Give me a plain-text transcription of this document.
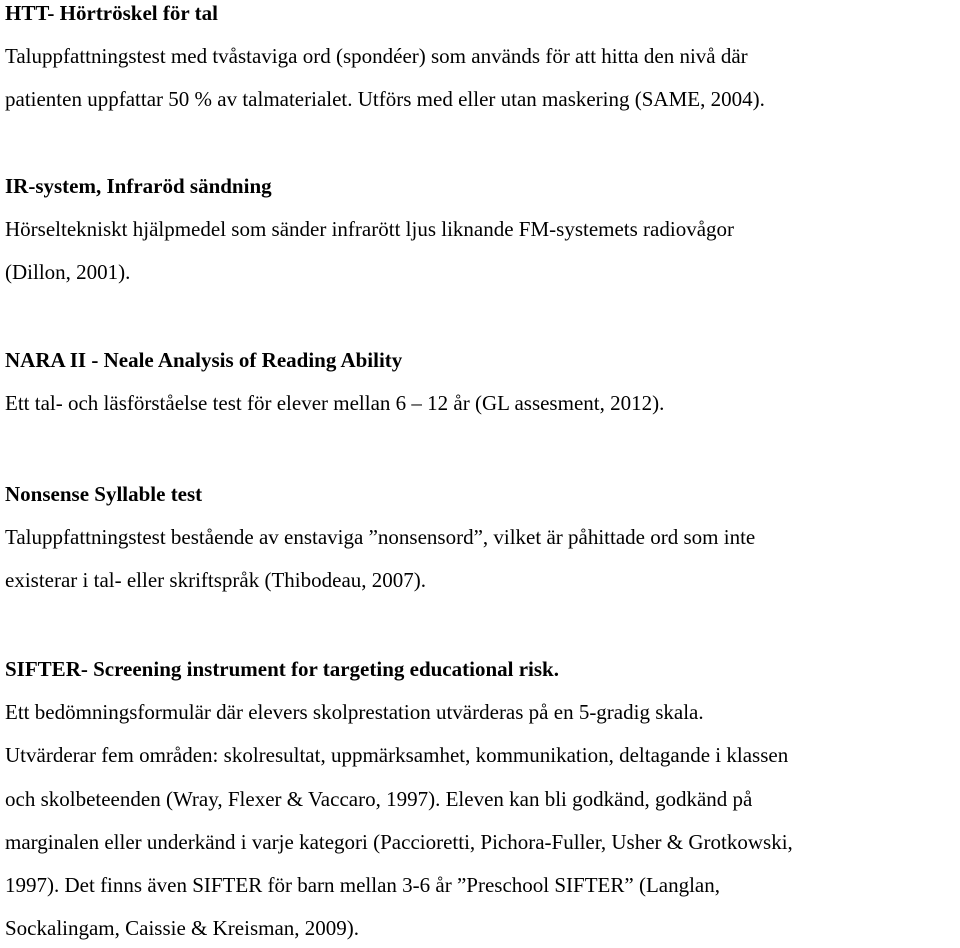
HTT- Hörtröskel för tal
Taluppfattningstest med tvåstaviga ord (spondéer) som används för att hitta den nivå där
patienten uppfattar 50 % av talmaterialet. Utförs med eller utan maskering (SAME, 2004).
IR-system, Infraröd sändning
Hörseltekniskt hjälpmedel som sänder infrarött ljus liknande FM-systemets radiovågor
(Dillon, 2001).
NARA II - Neale Analysis of Reading Ability
Ett tal- och läsförståelse test för elever mellan 6 – 12 år (GL assesment, 2012).
Nonsense Syllable test
Taluppfattningstest bestående av enstaviga ”nonsensord”, vilket är påhittade ord som inte
existerar i tal- eller skriftspråk (Thibodeau, 2007).
SIFTER- Screening instrument for targeting educational risk.
Ett bedömningsformulär där elevers skolprestation utvärderas på en 5-gradig skala.
Utvärderar fem områden: skolresultat, uppmärksamhet, kommunikation, deltagande i klassen
och skolbeteenden (Wray, Flexer & Vaccaro, 1997). Eleven kan bli godkänd, godkänd på
marginalen eller underkänd i varje kategori (Paccioretti, Pichora-Fuller, Usher & Grotkowski,
1997). Det finns även SIFTER för barn mellan 3-6 år ”Preschool SIFTER” (Langlan,
Sockalingam, Caissie & Kreisman, 2009).
